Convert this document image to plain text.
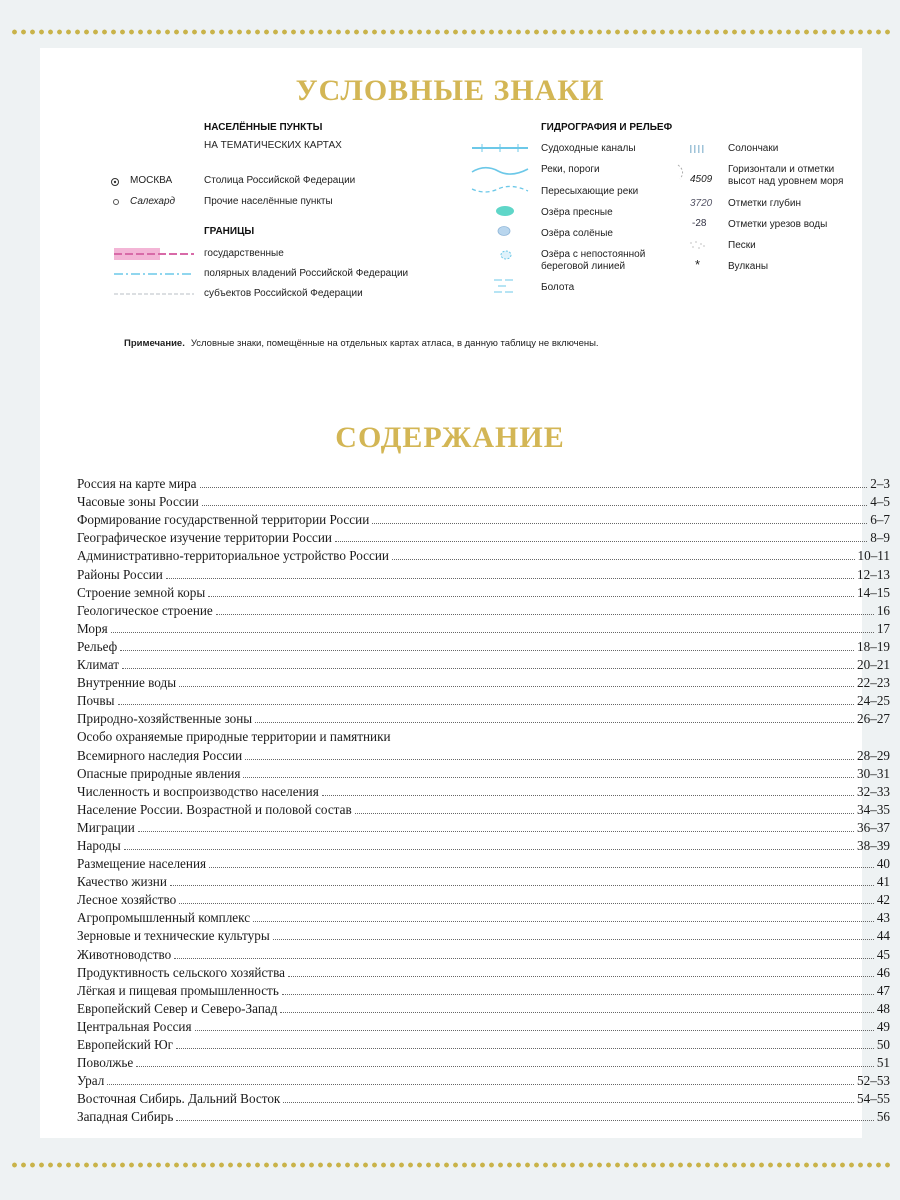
УСЛОВНЫЕ ЗНАКИ
НАСЕЛЁННЫЕ ПУНКТЫ
НА ТЕМАТИЧЕСКИХ КАРТАХ
МОСКВА	Столица Российской Федерации
Салехард	Прочие населённые пункты
ГРАНИЦЫ
государственные
полярных владений Российской Федерации
субъектов Российской Федерации
ГИДРОГРАФИЯ И РЕЛЬЕФ
Судоходные каналы
Реки, пороги
Пересыхающие реки
Озёра пресные
Озёра солёные
Озёра с непостоянной береговой линией
Болота
Солончаки
4509
Горизонтали и отметки высот над уровнем моря
3720 Отметки глубин
-28 Отметки урезов воды
Пески
*	Вулканы
Примечание. Условные знаки, помещённые на отдельных картах атласа, в данную таблицу не включены.
СОДЕРЖАНИЕ
Россия на карте мира	2–3
Часовые зоны России	4–5
Формирование государственной территории России	6–7
Географическое изучение территории России	8–9
Административно-территориальное устройство России	10–11
Районы России	12–13
Строение земной коры	14–15
Геологическое строение	16
Моря	17
Рельеф	18–19
Климат	20–21
Внутренние воды	22–23
Почвы	24–25
Природно-хозяйственные зоны	26–27
Особо охраняемые природные территории и памятники
Всемирного наследия России	28–29
Опасные природные явления	30–31
Численность и воспроизводство населения	32–33
Население России. Возрастной и половой состав	34–35
Миграции	36–37
Народы	38–39
Размещение населения	40
Качество жизни	41
Лесное хозяйство	42
Агропромышленный комплекс	43
Зерновые и технические культуры	44
Животноводство	45
Продуктивность сельского хозяйства	46
Лёгкая и пищевая промышленность	47
Европейский Север и Северо-Запад	48
Центральная Россия	49
Европейский Юг	50
Поволжье	51
Урал	52–53
Восточная Сибирь. Дальний Восток	54–55
Западная Сибирь	56
